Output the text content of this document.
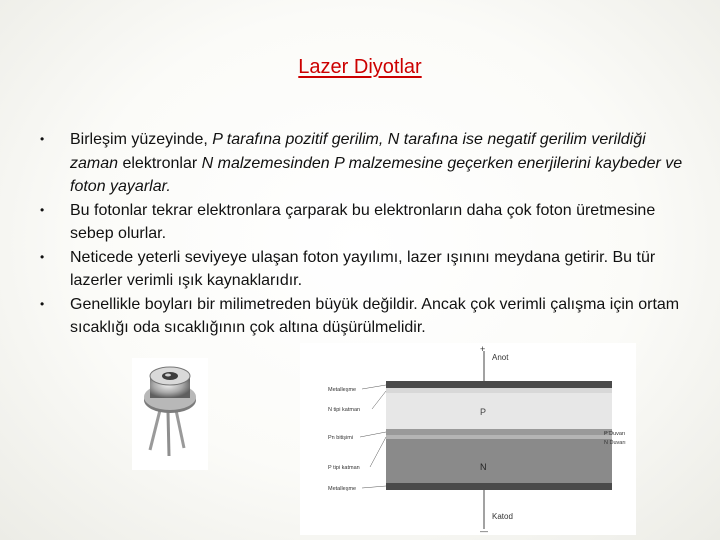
Lazer Diyotlar
• Birleşim yüzeyinde, P tarafına pozitif gerilim, N tarafına ise negatif gerilim verildiği zaman elektronlar N malzemesinden P malzemesine geçerken enerjilerini kaybeder ve foton yayarlar.
• Bu fotonlar tekrar elektronlara çarparak bu elektronların daha çok foton üretmesine sebep olurlar.
• Neticede yeterli seviyeye ulaşan foton yayılımı, lazer ışınını meydana getirir. Bu tür lazerler verimli ışık kaynaklarıdır.
• Genellikle boyları bir milimetreden büyük değildir. Ancak çok verimli çalışma için ortam sıcaklığı oda sıcaklığının çok altına düşürülmelidir.
+
Anot
P
N
Katod
—
Metalleşme
N tipi katman
Pn bitişimi
P tipi katman
Metalleşme
P Duvarı
N Duvarı
